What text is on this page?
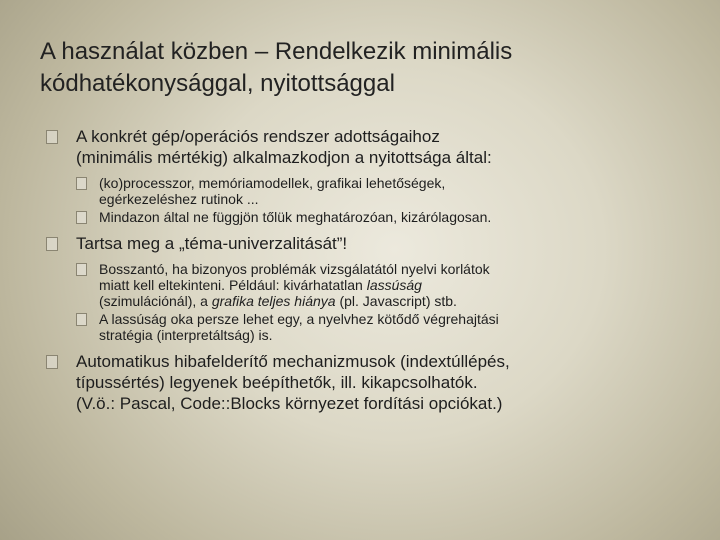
A használat közben – Rendelkezik minimális
kódhatékonysággal, nyitottsággal
A konkrét gép/operációs rendszer adottságaihoz
(minimális mértékig) alkalmazkodjon a nyitottsága által:
(ko)processzor, memóriamodellek, grafikai lehetőségek,
egérkezeléshez rutinok ...
Mindazon által ne függjön tőlük meghatározóan, kizárólagosan.
Tartsa meg a „téma-univerzalitását”!
Bosszantó, ha bizonyos problémák vizsgálatától nyelvi korlátok
miatt kell eltekinteni. Például: kivárhatatlan lassúság
(szimulációnál), a grafika teljes hiánya (pl. Javascript) stb.
A lassúság oka persze lehet egy, a nyelvhez kötődő végrehajtási
stratégia (interpretáltság) is.
Automatikus hibafelderítő mechanizmusok (indextúllépés,
típussértés) legyenek beépíthetők, ill. kikapcsolhatók.
(V.ö.: Pascal, Code::Blocks környezet fordítási opciókat.)
